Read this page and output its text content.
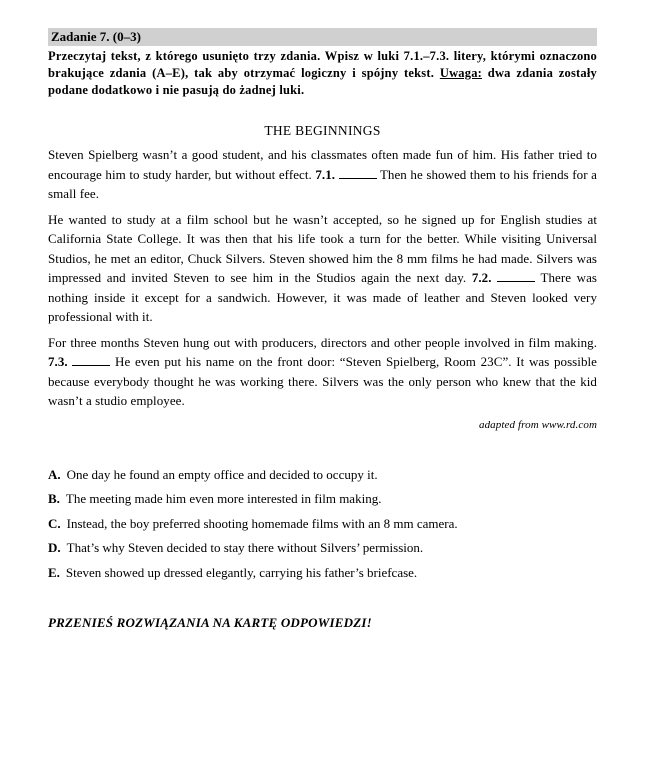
Zadanie 7. (0–3)
Przeczytaj tekst, z którego usunięto trzy zdania. Wpisz w luki 7.1.–7.3. litery, którymi oznaczono brakujące zdania (A–E), tak aby otrzymać logiczny i spójny tekst. Uwaga: dwa zdania zostały podane dodatkowo i nie pasują do żadnej luki.
THE BEGINNINGS
Steven Spielberg wasn’t a good student, and his classmates often made fun of him. His father tried to encourage him to study harder, but without effect. 7.1.	Then he showed them to his friends for a small fee.
He wanted to study at a film school but he wasn’t accepted, so he signed up for English studies at California State College. It was then that his life took a turn for the better. While visiting Universal Studios, he met an editor, Chuck Silvers. Steven showed him the 8 mm films he had made. Silvers was impressed and invited Steven to see him in the Studios again the next day. 7.2.	There was nothing inside it except for a sandwich. However, it was made of leather and Steven looked very professional with it.
For three months Steven hung out with producers, directors and other people involved in film making. 7.3.	He even put his name on the front door: “Steven Spielberg, Room 23C”. It was possible because everybody thought he was working there. Silvers was the only person who knew that the kid wasn’t a studio employee.
adapted from www.rd.com
A. One day he found an empty office and decided to occupy it.
B. The meeting made him even more interested in film making.
C. Instead, the boy preferred shooting homemade films with an 8 mm camera.
D. That’s why Steven decided to stay there without Silvers’ permission.
E. Steven showed up dressed elegantly, carrying his father’s briefcase.
PRZENIEŚ ROZWIĄZANIA NA KARTĘ ODPOWIEDZI!
